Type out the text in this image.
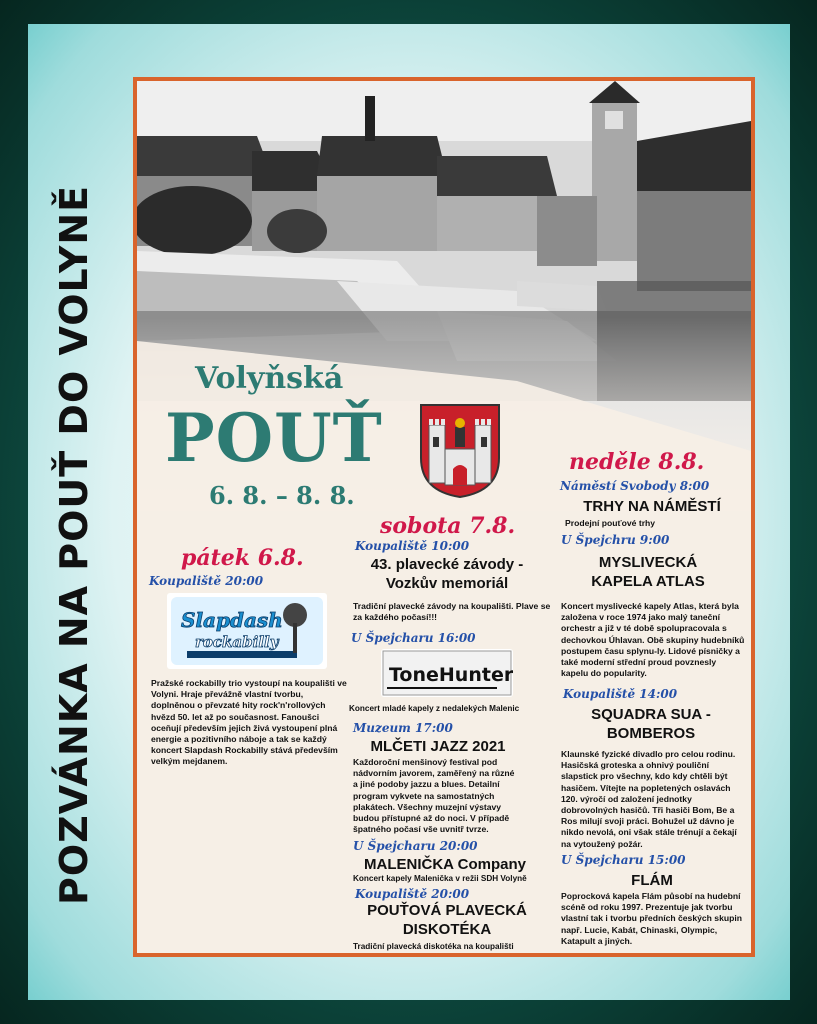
POZVÁNKA NA POUŤ DO VOLYNĚ	Volyňská
POUŤ
6. 8. – 8. 8.
pátek 6.8.
Koupaliště 20:00
Slapdash
rockabilly
Pražské rockabilly trio vystoupí na koupališti ve Volyni. Hraje převážně vlastní tvorbu, doplněnou o převzaté hity rock'n'rollových hvězd 50. let až po současnost. Fanoušci oceňují především jejich živá vystoupení plná energie a pozitivního náboje a tak se každý koncert Slapdash Rockabilly stává především velkým mejdanem.
sobota 7.8.
Koupaliště 10:00
43. plavecké závody - Vozkův memoriál
Tradiční plavecké závody na koupališti. Plave se za každého počasí!!!
U Špejcharu 16:00
ToneHunter
Koncert mladé kapely z nedalekých Malenic
Muzeum 17:00
MLČETI JAZZ 2021
Každoroční menšinový festival pod nádvorním javorem, zaměřený na různé a jiné podoby jazzu a blues. Detailní program vykvete na samostatných plakátech. Všechny muzejní výstavy budou přístupné až do noci. V případě špatného počasí vše uvnitř tvrze.
U Špejcharu 20:00
MALENIČKA Company
Koncert kapely Malenička v režii SDH Volyně
Koupaliště 20:00
POUŤOVÁ PLAVECKÁ DISKOTÉKA
Tradiční plavecká diskotéka na koupališti
neděle 8.8.
Náměstí Svobody 8:00
TRHY NA NÁMĚSTÍ
Prodejní pouťové trhy
U Špejchru 9:00
MYSLIVECKÁ KAPELA ATLAS
Koncert myslivecké kapely Atlas, která byla založena v roce 1974 jako malý taneční orchestr a již v té době spolupracovala s dechovkou Úhlavan. Obě skupiny hudebníků postupem času splynu-ly. Lidové písničky a také moderní střední proud povznesly kapelu do popularity.
Koupaliště 14:00
SQUADRA SUA - BOMBEROS
Klaunské fyzické divadlo pro celou rodinu. Hasičská groteska a ohnivý pouliční slapstick pro všechny, kdo kdy chtěli být hasičem. Vítejte na popletených oslavách 120. výročí od založení jednotky dobrovolných hasičů. Tři hasiči Bom, Be a Ros milují svoji práci. Bohužel už dávno je nikdo nevolá, oni však stále trénují a čekají na vytoužený požár.
U Špejcharu 15:00
FLÁM
Poprocková kapela Flám působí na hudební scéně od roku 1997. Prezentuje jak tvorbu vlastní tak i tvorbu předních českých skupin např. Lucie, Kabát, Chinaski, Olympic, Katapult a jiných.
